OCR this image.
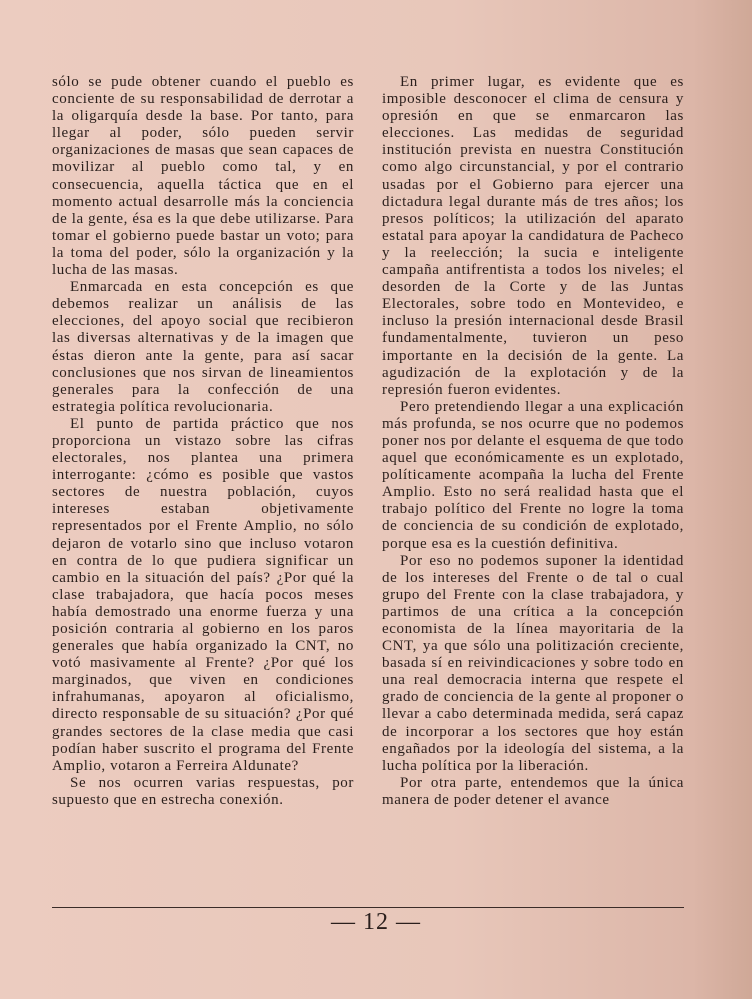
sólo se pude obtener cuando el pueblo es conciente de su responsabilidad de derrotar a la oligarquía desde la base. Por tanto, para llegar al poder, sólo pueden servir organizaciones de masas que sean capaces de movilizar al pueblo como tal, y en consecuencia, aquella táctica que en el momento actual desarrolle más la conciencia de la gente, ésa es la que debe utilizarse. Para tomar el gobierno puede bastar un voto; para la toma del poder, sólo la organización y la lucha de las masas.

Enmarcada en esta concepción es que debemos realizar un análisis de las elecciones, del apoyo social que recibieron las diversas alternativas y de la imagen que éstas dieron ante la gente, para así sacar conclusiones que nos sirvan de lineamientos generales para la confección de una estrategia política revolucionaria.

El punto de partida práctico que nos proporciona un vistazo sobre las cifras electorales, nos plantea una primera interrogante: ¿cómo es posible que vastos sectores de nuestra población, cuyos intereses estaban objetivamente representados por el Frente Amplio, no sólo dejaron de votarlo sino que incluso votaron en contra de lo que pudiera significar un cambio en la situación del país? ¿Por qué la clase trabajadora, que hacía pocos meses había demostrado una enorme fuerza y una posición contraria al gobierno en los paros generales que había organizado la CNT, no votó masivamente al Frente? ¿Por qué los marginados, que viven en condiciones infrahumanas, apoyaron al oficialismo, directo responsable de su situación? ¿Por qué grandes sectores de la clase media que casi podían haber suscrito el programa del Frente Amplio, votaron a Ferreira Aldunate?

Se nos ocurren varias respuestas, por supuesto que en estrecha conexión.

En primer lugar, es evidente que es imposible desconocer el clima de censura y opresión en que se enmarcaron las elecciones. Las medidas de seguridad institución prevista en nuestra Constitución como algo circunstancial, y por el contrario usadas por el Gobierno para ejercer una dictadura legal durante más de tres años; los presos políticos; la utilización del aparato estatal para apoyar la candidatura de Pacheco y la reelección; la sucia e inteligente campaña antifrentista a todos los niveles; el desorden de la Corte y de las Juntas Electorales, sobre todo en Montevideo, e incluso la presión internacional desde Brasil fundamentalmente, tuvieron un peso importante en la decisión de la gente. La agudización de la explotación y de la represión fueron evidentes.

Pero pretendiendo llegar a una explicación más profunda, se nos ocurre que no podemos poner nos por delante el esquema de que todo aquel que económicamente es un explotado, políticamente acompaña la lucha del Frente Amplio. Esto no será realidad hasta que el trabajo político del Frente no logre la toma de conciencia de su condición de explotado, porque esa es la cuestión definitiva.

Por eso no podemos suponer la identidad de los intereses del Frente o de tal o cual grupo del Frente con la clase trabajadora, y partimos de una crítica a la concepción economista de la línea mayoritaria de la CNT, ya que sólo una politización creciente, basada sí en reivindicaciones y sobre todo en una real democracia interna que respete el grado de conciencia de la gente al proponer o llevar a cabo determinada medida, será capaz de incorporar a los sectores que hoy están engañados por la ideología del sistema, a la lucha política por la liberación.

Por otra parte, entendemos que la única manera de poder detener el avance

— 12 —
